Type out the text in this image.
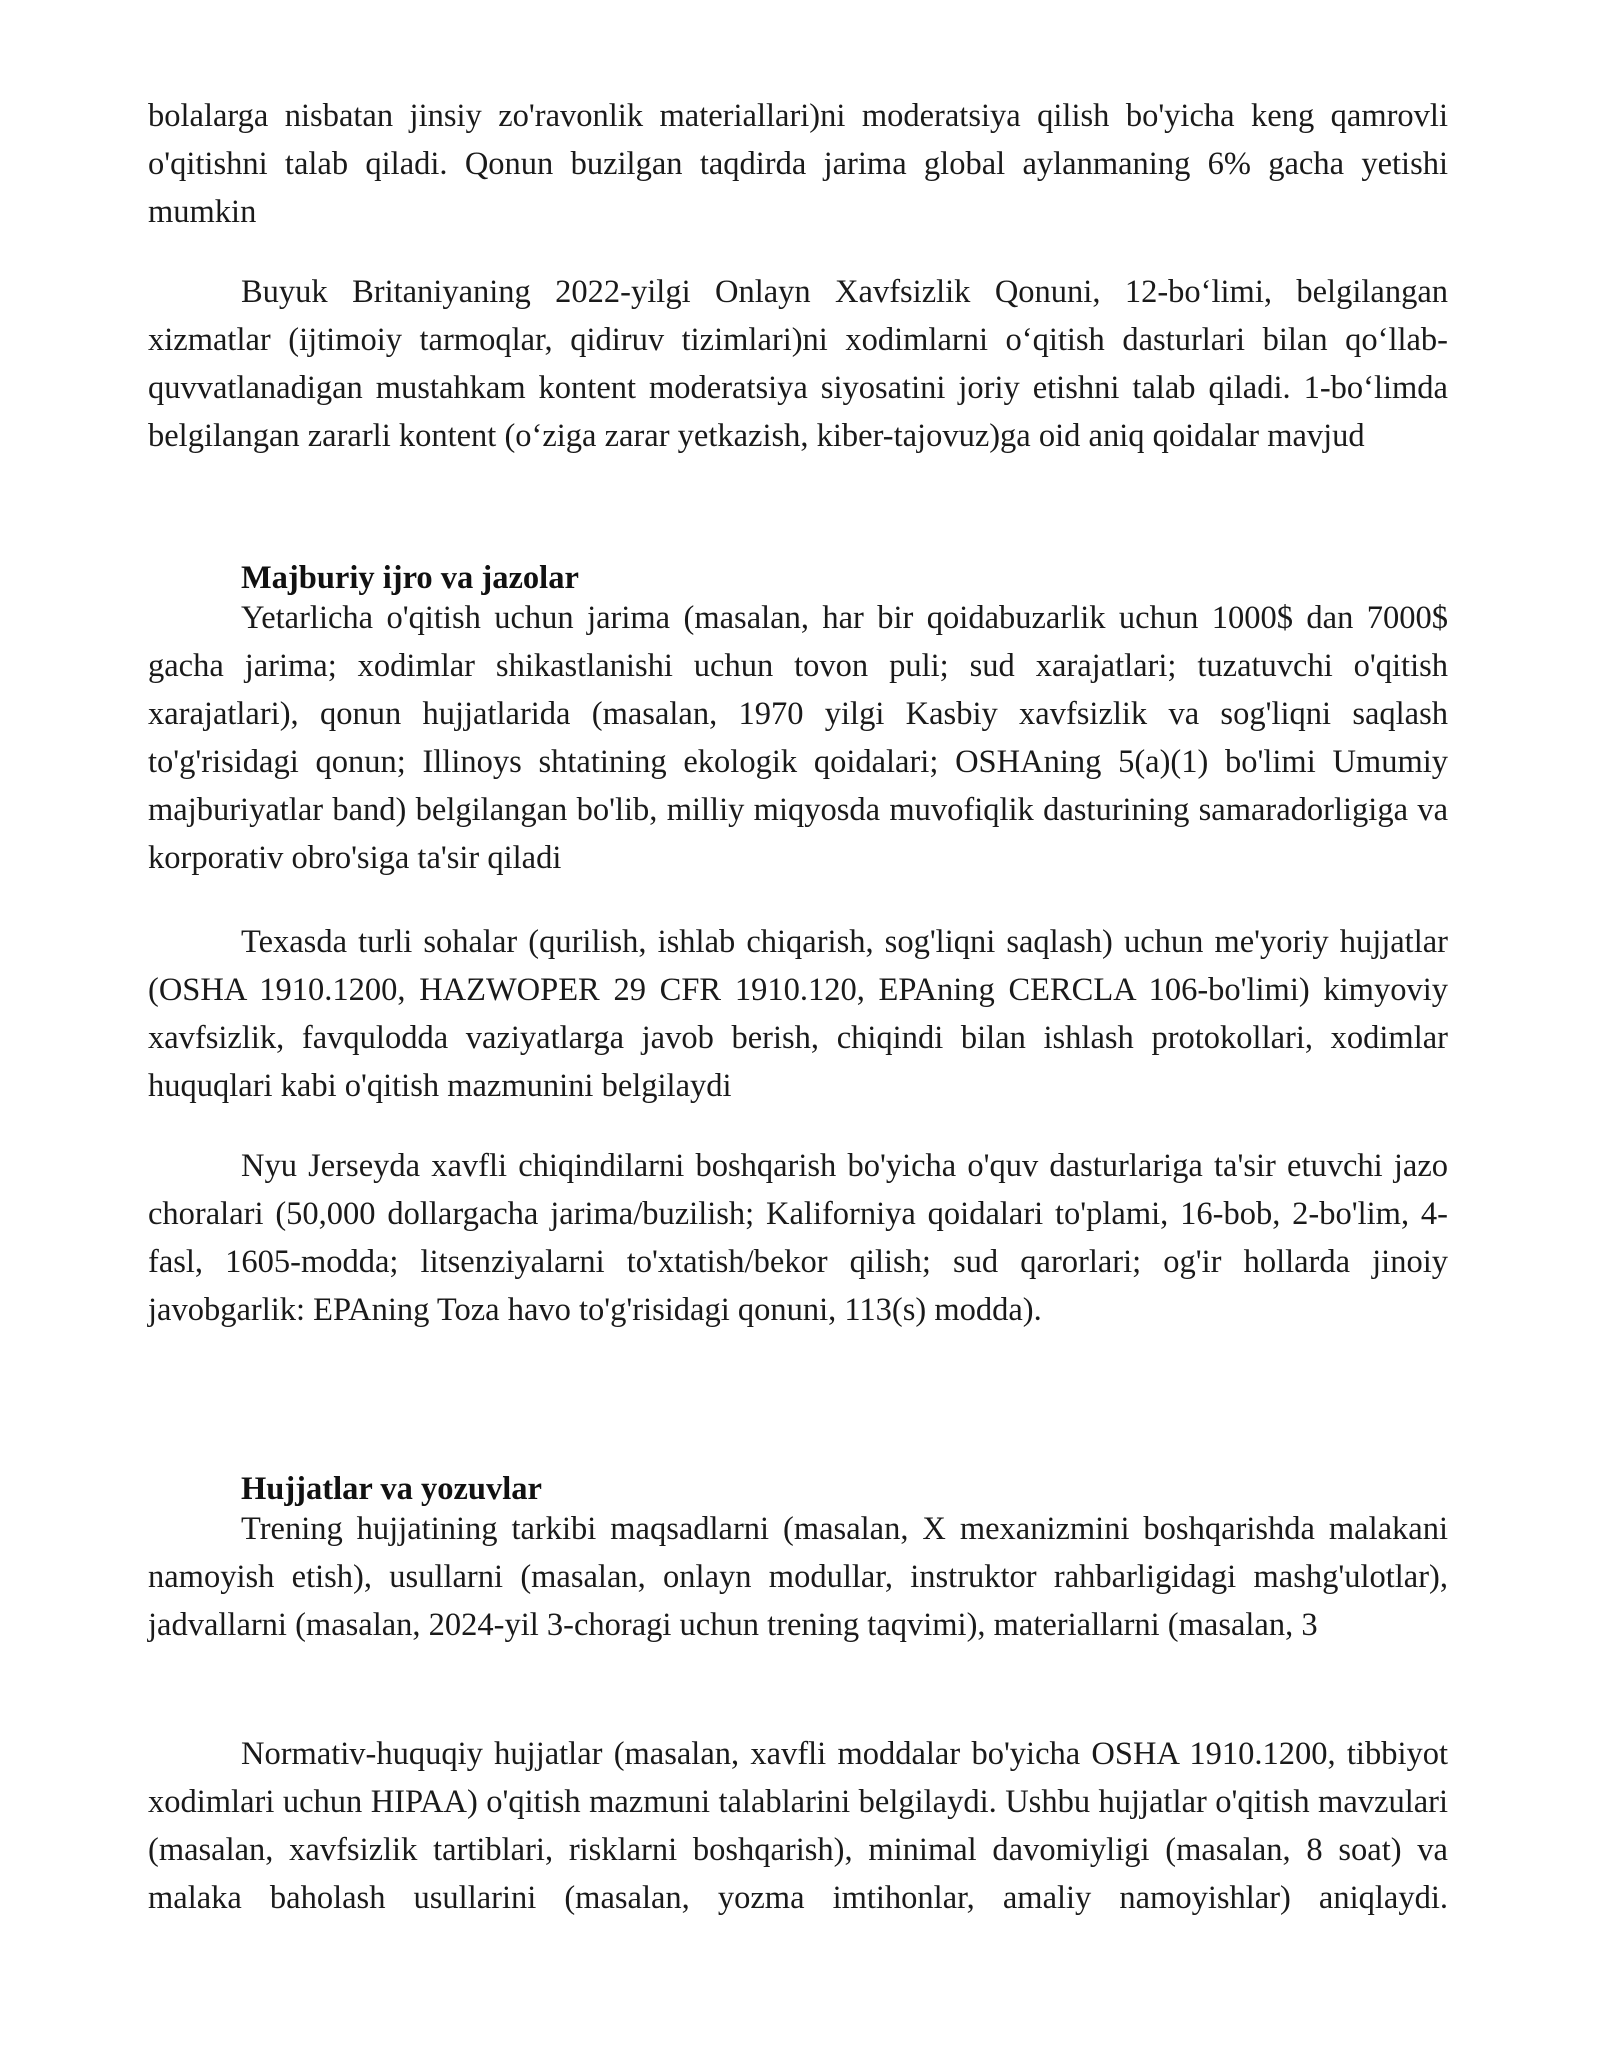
bolalarga nisbatan jinsiy zo'ravonlik materiallari)ni moderatsiya qilish bo'yicha keng qamrovli o'qitishni talab qiladi. Qonun buzilgan taqdirda jarima global aylanmaning 6% gacha yetishi mumkin

Buyuk Britaniyaning 2022-yilgi Onlayn Xavfsizlik Qonuni, 12-bo‘limi, belgilangan xizmatlar (ijtimoiy tarmoqlar, qidiruv tizimlari)ni xodimlarni o‘qitish dasturlari bilan qo‘llab-quvvatlanadigan mustahkam kontent moderatsiya siyosatini joriy etishni talab qiladi. 1-bo‘limda belgilangan zararli kontent (o‘ziga zarar yetkazish, kiber-tajovuz)ga oid aniq qoidalar mavjud

Majburiy ijro va jazolar

Yetarlicha o'qitish uchun jarima (masalan, har bir qoidabuzarlik uchun 1000$ dan 7000$ gacha jarima; xodimlar shikastlanishi uchun tovon puli; sud xarajatlari; tuzatuvchi o'qitish xarajatlari), qonun hujjatlarida (masalan, 1970 yilgi Kasbiy xavfsizlik va sog'liqni saqlash to'g'risidagi qonun; Illinoys shtatining ekologik qoidalari; OSHAning 5(a)(1) bo'limi Umumiy majburiyatlar band) belgilangan bo'lib, milliy miqyosda muvofiqlik dasturining samaradorligiga va korporativ obro'siga ta'sir qiladi

Texasda turli sohalar (qurilish, ishlab chiqarish, sog'liqni saqlash) uchun me'yoriy hujjatlar (OSHA 1910.1200, HAZWOPER 29 CFR 1910.120, EPAning CERCLA 106-bo'limi) kimyoviy xavfsizlik, favqulodda vaziyatlarga javob berish, chiqindi bilan ishlash protokollari, xodimlar huquqlari kabi o'qitish mazmunini belgilaydi

Nyu Jerseyda xavfli chiqindilarni boshqarish bo'yicha o'quv dasturlariga ta'sir etuvchi jazo choralari (50,000 dollargacha jarima/buzilish; Kaliforniya qoidalari to'plami, 16-bob, 2-bo'lim, 4-fasl, 1605-modda; litsenziyalarni to'xtatish/bekor qilish; sud qarorlari; og'ir hollarda jinoiy javobgarlik: EPAning Toza havo to'g'risidagi qonuni, 113(s) modda).

Hujjatlar va yozuvlar

Trening hujjatining tarkibi maqsadlarni (masalan, X mexanizmini boshqarishda malakani namoyish etish), usullarni (masalan, onlayn modullar, instruktor rahbarligidagi mashg'ulotlar), jadvallarni (masalan, 2024-yil 3-choragi uchun trening taqvimi), materiallarni (masalan, 3

Normativ-huquqiy hujjatlar (masalan, xavfli moddalar bo'yicha OSHA 1910.1200, tibbiyot xodimlari uchun HIPAA) o'qitish mazmuni talablarini belgilaydi. Ushbu hujjatlar o'qitish mavzulari (masalan, xavfsizlik tartiblari, risklarni boshqarish), minimal davomiyligi (masalan, 8 soat) va malaka baholash usullarini (masalan, yozma imtihonlar, amaliy namoyishlar) aniqlaydi.
